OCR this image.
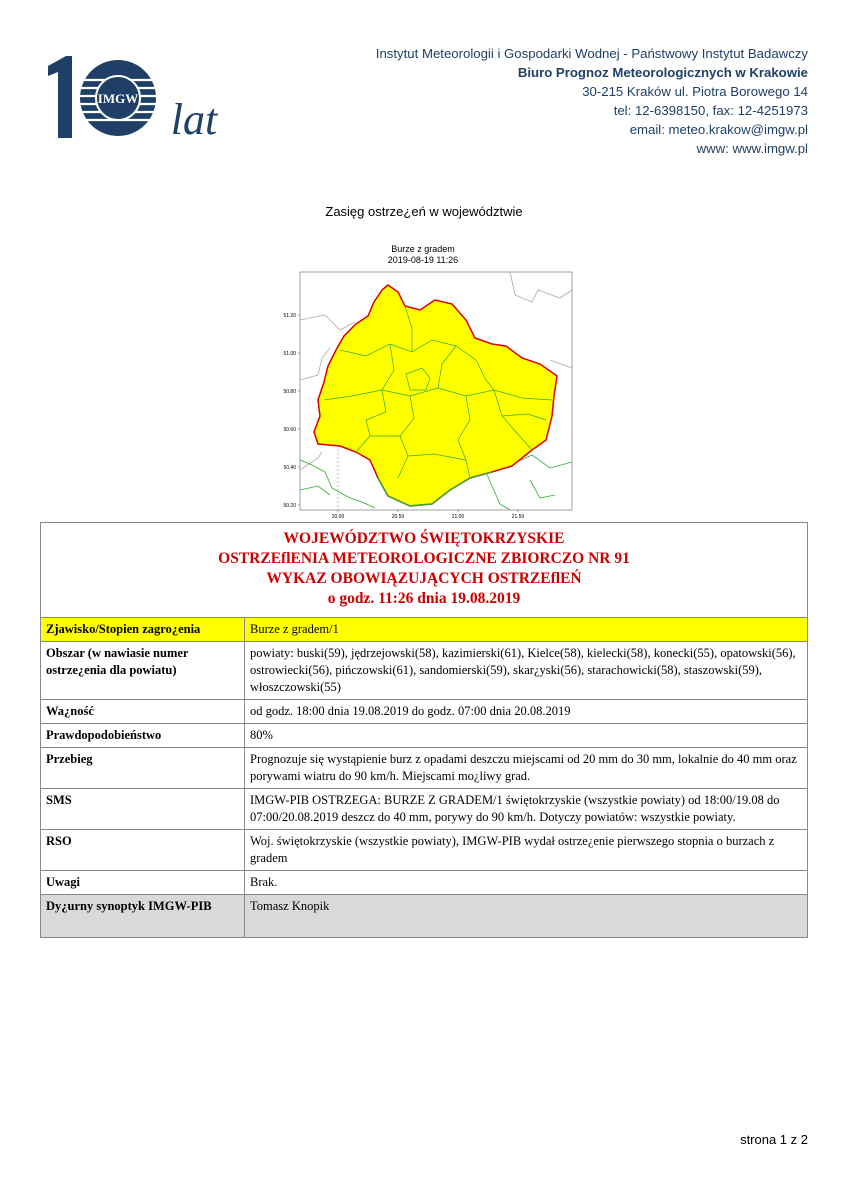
IMGW lat
Instytut Meteorologii i Gospodarki Wodnej - Państwowy Instytut Badawczy
Biuro Prognoz Meteorologicznych w Krakowie
30-215 Kraków ul. Piotra Borowego 14
tel: 12-6398150, fax: 12-4251973
email: meteo.krakow@imgw.pl
www: www.imgw.pl
Zasięg ostrze¿eń w województwie
Burze z gradem
2019-08-19 11:26
51.20
51.00
50.80
50.60
50.40
50.20
20.00	20.50	21.00	21.50
WOJEWÓDZTWO ŚWIĘTOKRZYSKIE
OSTRZEflENIA METEOROLOGICZNE ZBIORCZO NR 91
WYKAZ OBOWIĄZUJĄCYCH OSTRZEflEŃ
o godz. 11:26 dnia 19.08.2019	

Zjawisko/Stopien zagro¿enia	Burze z gradem/1
Obszar (w nawiasie numer ostrze¿enia dla powiatu)	powiaty: buski(59), jędrzejowski(58), kazimierski(61), Kielce(58), kielecki(58), konecki(55), opatowski(56), ostrowiecki(56), pińczowski(61), sandomierski(59), skar¿yski(56), starachowicki(58), staszowski(59), włoszczowski(55)
Wa¿ność	od godz. 18:00 dnia 19.08.2019 do godz. 07:00 dnia 20.08.2019
Prawdopodobieństwo	80%
Przebieg	Prognozuje się wystąpienie burz z opadami deszczu miejscami od 20 mm do 30 mm, lokalnie do 40 mm oraz porywami wiatru do 90 km/h. Miejscami mo¿liwy grad.
SMS	IMGW-PIB OSTRZEGA: BURZE Z GRADEM/1 świętokrzyskie (wszystkie powiaty) od 18:00/19.08 do 07:00/20.08.2019 deszcz do 40 mm, porywy do 90 km/h. Dotyczy powiatów: wszystkie powiaty.
RSO	Woj. świętokrzyskie (wszystkie powiaty), IMGW-PIB wydał ostrze¿enie pierwszego stopnia o burzach z gradem
Uwagi	Brak.
Dy¿urny synoptyk IMGW-PIB	Tomasz Knopik
strona 1 z 2
